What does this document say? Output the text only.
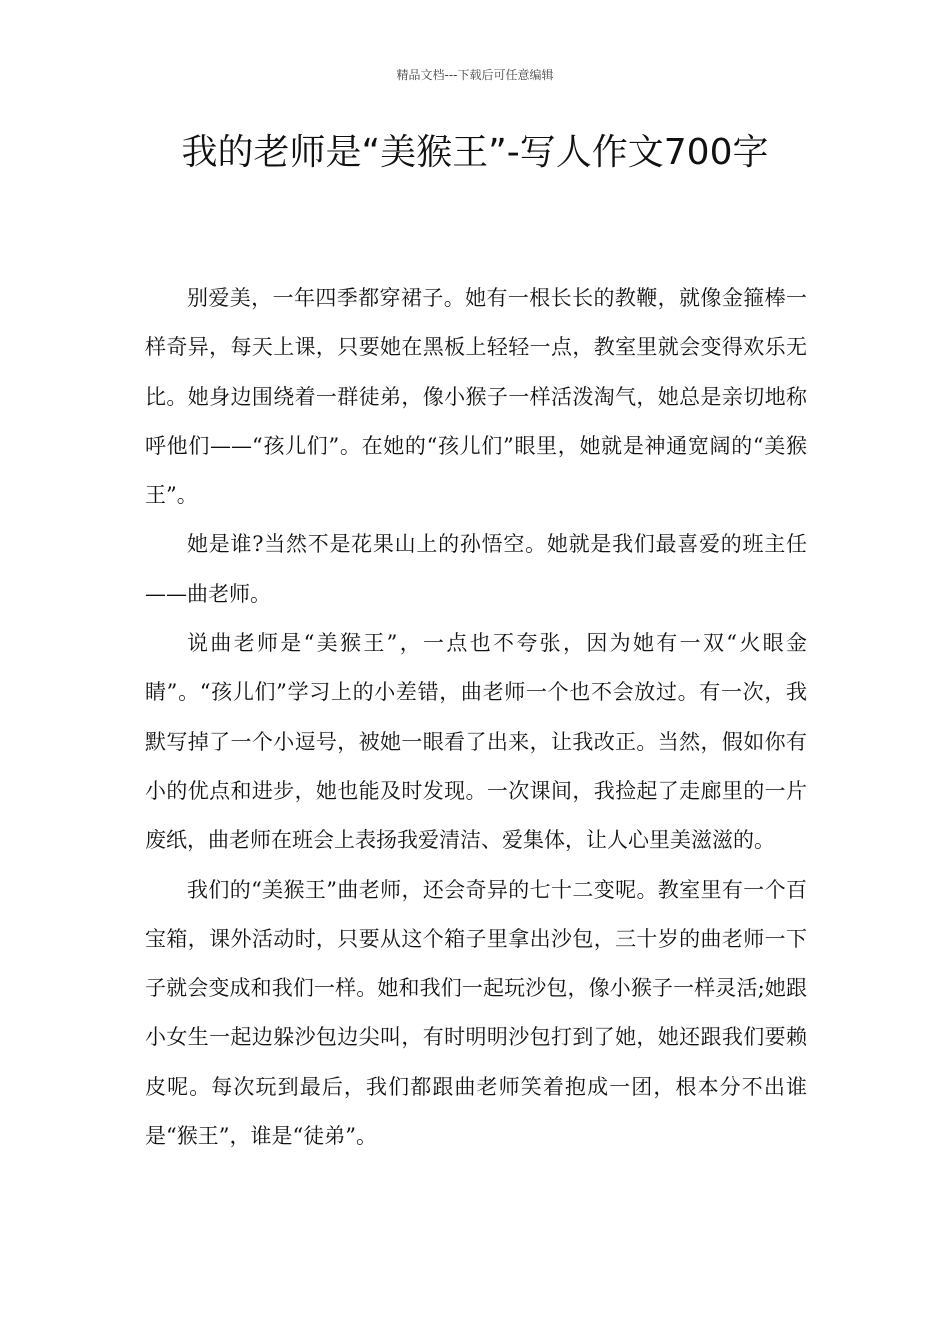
精品文档---下载后可任意编辑
我的老师是“美猴王”-写人作文700字

别爱美，一年四季都穿裙子。她有一根长长的教鞭，就像金箍棒一样奇异，每天上课，只要她在黑板上轻轻一点，教室里就会变得欢乐无比。她身边围绕着一群徒弟，像小猴子一样活泼淘气，她总是亲切地称呼他们——“孩儿们”。在她的“孩儿们”眼里，她就是神通宽阔的“美猴王”。

她是谁?当然不是花果山上的孙悟空。她就是我们最喜爱的班主任——曲老师。

说曲老师是“美猴王”，一点也不夸张，因为她有一双“火眼金睛”。“孩儿们”学习上的小差错，曲老师一个也不会放过。有一次，我默写掉了一个小逗号，被她一眼看了出来，让我改正。当然，假如你有小的优点和进步，她也能及时发现。一次课间，我捡起了走廊里的一片废纸，曲老师在班会上表扬我爱清洁、爱集体，让人心里美滋滋的。

我们的“美猴王”曲老师，还会奇异的七十二变呢。教室里有一个百宝箱，课外活动时，只要从这个箱子里拿出沙包，三十岁的曲老师一下子就会变成和我们一样。她和我们一起玩沙包，像小猴子一样灵活;她跟小女生一起边躲沙包边尖叫，有时明明沙包打到了她，她还跟我们要赖皮呢。每次玩到最后，我们都跟曲老师笑着抱成一团，根本分不出谁是“猴王”，谁是“徒弟”。
